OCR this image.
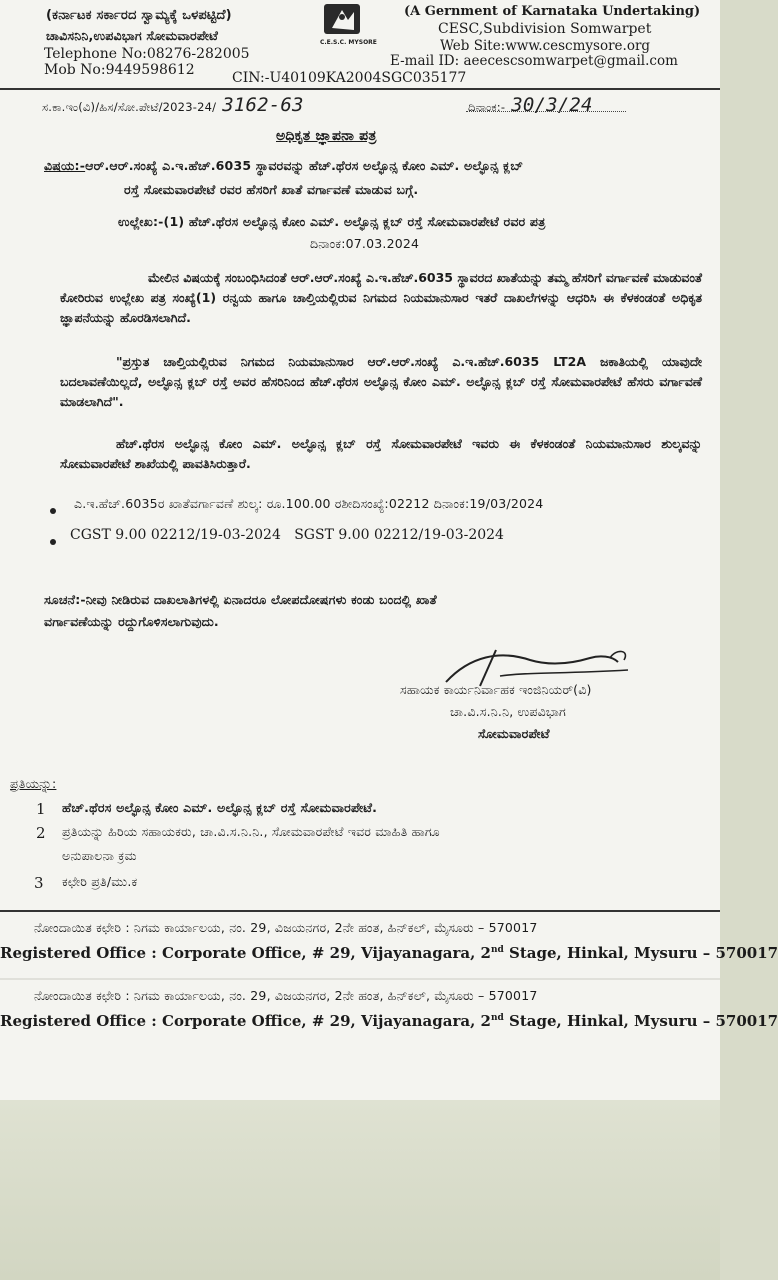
(ಕರ್ನಾಟಕ ಸರ್ಕಾರದ ಸ್ವಾಮ್ಯಕ್ಕೆ ಒಳಪಟ್ಟಿದೆ)
ಚಾವಿಸನಿನಿ,ಉಪವಿಭಾಗ ಸೋಮವಾರಪೇಟೆ
Telephone No:08276-282005
Mob No:9449598612
C.E.S.C. MYSORE
(A Gernment of Karnataka Undertaking)
CESC,Subdivision Somwarpet
Web Site:www.cescmysore.org
E-mail ID: aeecescsomwarpet@gmail.com
CIN:-U40109KA2004SGC035177
ಸ.ಕಾ.ಇಂ(ವಿ)/ಹಿಸ/ಸೋ.ಪೇಟೆ/2023-24/ 3162-63	ದಿನಾಂಕ:- 30/3/24
ಅಧಿಕೃತ ಜ್ಞಾಪನಾ ಪತ್ರ
ವಿಷಯ:-ಆರ್.ಆರ್.ಸಂಖ್ಯೆ ಎ.ಇ.ಹೆಚ್.6035 ಸ್ಥಾವರವನ್ನು ಹೆಚ್.ಥೆರಸ ಅಲ್ಫೊನ್ಸ ಕೋಂ ಎಮ್. ಅಲ್ಫೊನ್ಸ ಕ್ಲಬ್
ರಸ್ತೆ ಸೋಮವಾರಪೇಟೆ ರವರ ಹೆಸರಿಗೆ ಖಾತೆ ವರ್ಗಾವಣೆ ಮಾಡುವ ಬಗ್ಗೆ.
ಉಲ್ಲೇಖ:-(1) ಹೆಚ್.ಥೆರಸ ಅಲ್ಫೊನ್ಸ ಕೋಂ ಎಮ್. ಅಲ್ಫೊನ್ಸ ಕ್ಲಬ್ ರಸ್ತೆ ಸೋಮವಾರಪೇಟೆ ರವರ ಪತ್ರ
ದಿನಾಂಕ:07.03.2024
ಮೇಲಿನ ವಿಷಯಕ್ಕೆ ಸಂಬಂಧಿಸಿದಂತೆ ಆರ್.ಆರ್.ಸಂಖ್ಯೆ ಎ.ಇ.ಹೆಚ್.6035 ಸ್ಥಾವರದ ಖಾತೆಯನ್ನು ತಮ್ಮ ಹೆಸರಿಗೆ ವರ್ಗಾವಣೆ ಮಾಡುವಂತೆ ಕೋರಿರುವ ಉಲ್ಲೇಖ ಪತ್ರ ಸಂಖ್ಯೆ(1) ರನ್ವಯ ಹಾಗೂ ಚಾಲ್ತಿಯಲ್ಲಿರುವ ನಿಗಮದ ನಿಯಮಾನುಸಾರ ಇತರೆ ದಾಖಲೆಗಳನ್ನು ಆಧರಿಸಿ ಈ ಕೆಳಕಂಡಂತೆ ಅಧಿಕೃತ ಜ್ಞಾಪನೆಯನ್ನು ಹೊರಡಿಸಲಾಗಿದೆ.
"ಪ್ರಸ್ತುತ ಚಾಲ್ತಿಯಲ್ಲಿರುವ ನಿಗಮದ ನಿಯಮಾನುಸಾರ ಆರ್.ಆರ್.ಸಂಖ್ಯೆ ಎ.ಇ.ಹೆಚ್.6035 LT2A ಜಕಾತಿಯಲ್ಲಿ ಯಾವುದೇ ಬದಲಾವಣೆಯಿಲ್ಲದೆ, ಅಲ್ಫೊನ್ಸ ಕ್ಲಬ್ ರಸ್ತೆ ಅವರ ಹೆಸರಿನಿಂದ ಹೆಚ್.ಥೆರಸ ಅಲ್ಫೊನ್ಸ ಕೋಂ ಎಮ್. ಅಲ್ಫೊನ್ಸ ಕ್ಲಬ್ ರಸ್ತೆ ಸೋಮವಾರಪೇಟೆ ಹೆಸರು ವರ್ಗಾವಣೆ ಮಾಡಲಾಗಿದೆ".
ಹೆಚ್.ಥೆರಸ ಅಲ್ಫೊನ್ಸ ಕೋಂ ಎಮ್. ಅಲ್ಫೊನ್ಸ ಕ್ಲಬ್ ರಸ್ತೆ ಸೋಮವಾರಪೇಟೆ ಇವರು ಈ ಕೆಳಕಂಡಂತೆ ನಿಯಮಾನುಸಾರ ಶುಲ್ಕವನ್ನು ಸೋಮವಾರಪೇಟೆ ಶಾಖೆಯಲ್ಲಿ ಪಾವತಿಸಿರುತ್ತಾರೆ.
ಎ.ಇ.ಹೆಚ್.6035ರ ಖಾತೆವರ್ಗಾವಣೆ ಶುಲ್ಕ: ರೂ.100.00 ರಶೀದಿಸಂಖ್ಯೆ:02212 ದಿನಾಂಕ:19/03/2024
CGST 9.00 02212/19-03-2024   SGST 9.00 02212/19-03-2024
ಸೂಚನೆ:-ನೀವು ನೀಡಿರುವ ದಾಖಲಾತಿಗಳಲ್ಲಿ ಏನಾದರೂ ಲೋಪದೋಷಗಳು ಕಂಡು ಬಂದಲ್ಲಿ ಖಾತೆ
ವರ್ಗಾವಣೆಯನ್ನು ರದ್ದುಗೊಳಿಸಲಾಗುವುದು.
ಸಹಾಯಕ ಕಾರ್ಯನಿರ್ವಾಹಕ ಇಂಜಿನಿಯರ್(ವಿ)
ಚಾ.ವಿ.ಸ.ನಿ.ನಿ, ಉಪವಿಭಾಗ
ಸೋಮವಾರಪೇಟೆ
ಪ್ರತಿಯನ್ನು:
1 ಹೆಚ್.ಥೆರಸ ಅಲ್ಫೊನ್ಸ ಕೋಂ ಎಮ್. ಅಲ್ಫೊನ್ಸ ಕ್ಲಬ್ ರಸ್ತೆ ಸೋಮವಾರಪೇಟೆ.
2 ಪ್ರತಿಯನ್ನು ಹಿರಿಯ ಸಹಾಯಕರು, ಚಾ.ವಿ.ಸ.ನಿ.ನಿ., ಸೋಮವಾರಪೇಟೆ ಇವರ ಮಾಹಿತಿ ಹಾಗೂ
ಅನುಪಾಲನಾ ಕ್ರಮ
3 ಕಛೇರಿ ಪ್ರತಿ/ಮು.ಕ
ನೋಂದಾಯಿತ ಕಛೇರಿ : ನಿಗಮ ಕಾರ್ಯಾಲಯ, ನಂ. 29, ವಿಜಯನಗರ, 2ನೇ ಹಂತ, ಹಿನ್‌ಕಲ್, ಮೈಸೂರು – 570017
Registered Office : Corporate Office, # 29, Vijayanagara, 2nd Stage, Hinkal, Mysuru – 570017
ನೋಂದಾಯಿತ ಕಛೇರಿ : ನಿಗಮ ಕಾರ್ಯಾಲಯ, ನಂ. 29, ವಿಜಯನಗರ, 2ನೇ ಹಂತ, ಹಿನ್‌ಕಲ್, ಮೈಸೂರು – 570017
Registered Office : Corporate Office, # 29, Vijayanagara, 2nd Stage, Hinkal, Mysuru – 570017
